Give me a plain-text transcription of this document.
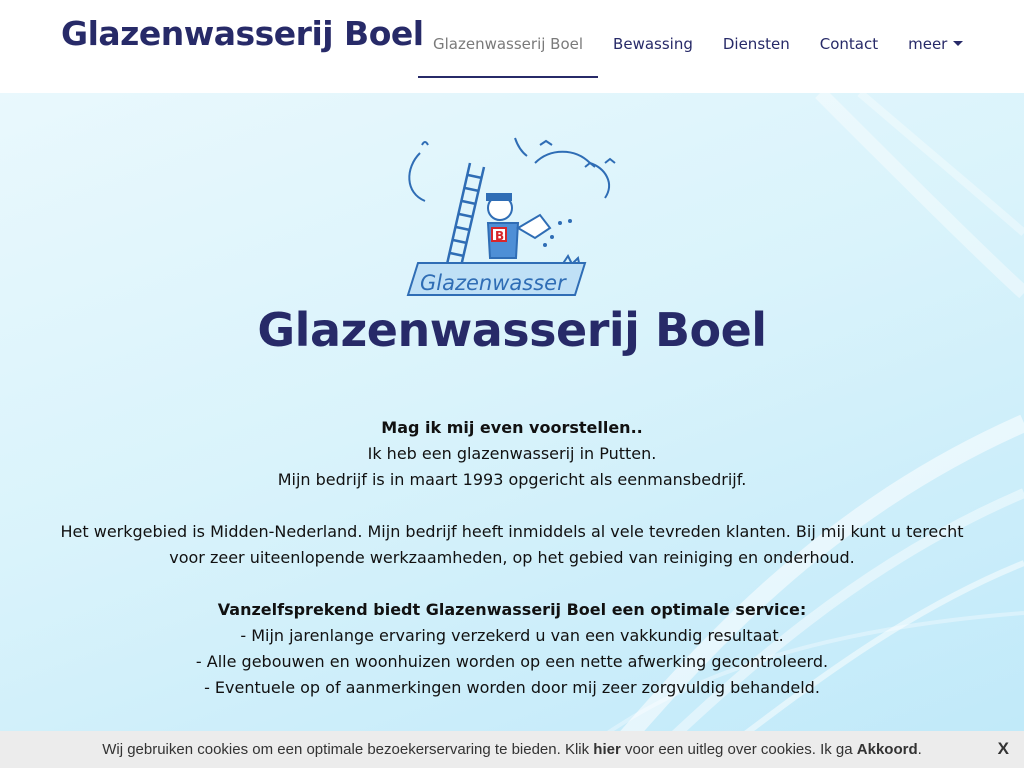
Glazenwasserij Boel Glazenwasserij Boel	Bewassing	Diensten	Contact	meer
B
Glazenwasser
Glazenwasserij Boel
Mag ik mij even voorstellen..
Ik heb een glazenwasserij in Putten.
Mijn bedrijf is in maart 1993 opgericht als eenmansbedrijf.
Het werkgebied is Midden-Nederland. Mijn bedrijf heeft inmiddels al vele tevreden klanten. Bij mij kunt u terecht
voor zeer uiteenlopende werkzaamheden, op het gebied van reiniging en onderhoud.
Vanzelfsprekend biedt Glazenwasserij Boel een optimale service:
- Mijn jarenlange ervaring verzekerd u van een vakkundig resultaat.
- Alle gebouwen en woonhuizen worden op een nette afwerking gecontroleerd.
- Eventuele op of aanmerkingen worden door mij zeer zorgvuldig behandeld.
Wij gebruiken cookies om een optimale bezoekerservaring te bieden. Klik hier voor een uitleg over cookies. Ik ga Akkoord.	X
